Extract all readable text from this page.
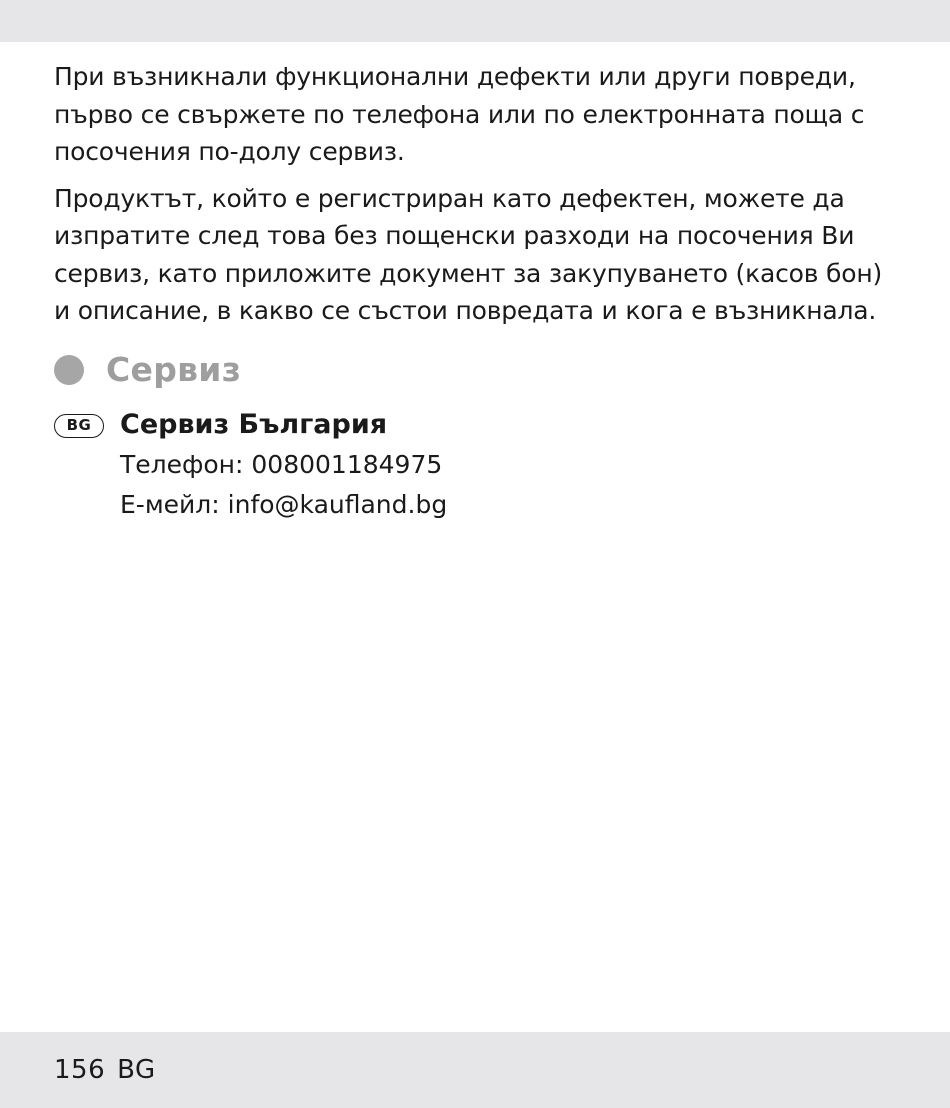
При възникнали функционални дефекти или други повреди, първо се свържете по телефона или по електронната поща с посочения по-долу сервиз.

Продуктът, който е регистриран като дефектен, можете да изпратите след това без пощенски разходи на посочения Ви сервиз, като приложите документ за закупуването (касов бон) и описание, в какво се състои повредата и кога е възникнала.

Сервиз
BG	Сервиз България
Телефон: 008001184975
E-мейл: info@kaufland.bg
156 BG
